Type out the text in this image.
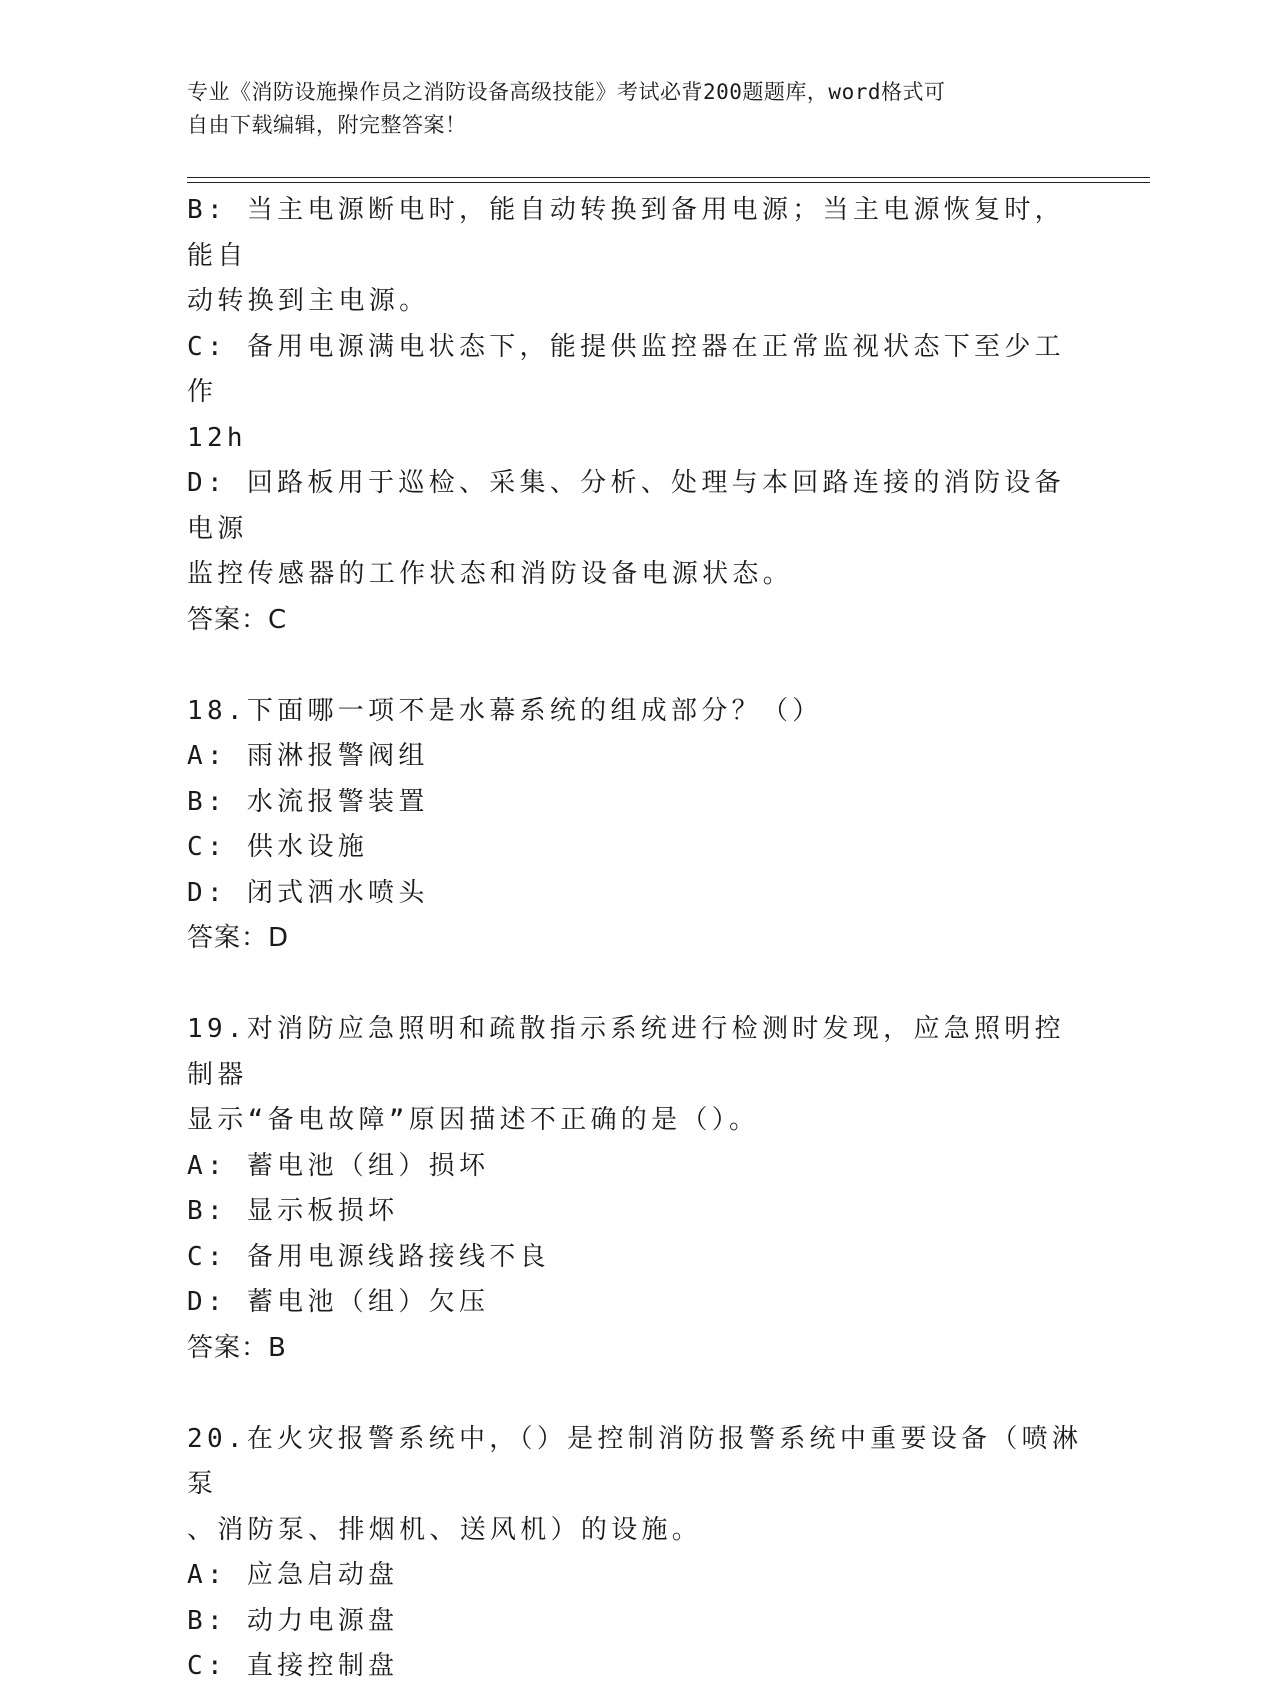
专业《消防设施操作员之消防设备高级技能》考试必背200题题库，word格式可
自由下载编辑，附完整答案！

B: 当主电源断电时，能自动转换到备用电源；当主电源恢复时，能自

动转换到主电源。

C: 备用电源满电状态下，能提供监控器在正常监视状态下至少工作

12h

D: 回路板用于巡检、采集、分析、处理与本回路连接的消防设备电源

监控传感器的工作状态和消防设备电源状态。

答案：C

18.下面哪一项不是水幕系统的组成部分？（）

A: 雨淋报警阀组

B: 水流报警装置

C: 供水设施

D: 闭式洒水喷头

答案：D

19.对消防应急照明和疏散指示系统进行检测时发现，应急照明控制器

显示“备电故障”原因描述不正确的是（）。

A: 蓄电池（组）损坏

B: 显示板损坏

C: 备用电源线路接线不良

D: 蓄电池（组）欠压

答案：B

20.在火灾报警系统中，（）是控制消防报警系统中重要设备（喷淋泵

、消防泵、排烟机、送风机）的设施。

A: 应急启动盘

B: 动力电源盘

C: 直接控制盘
